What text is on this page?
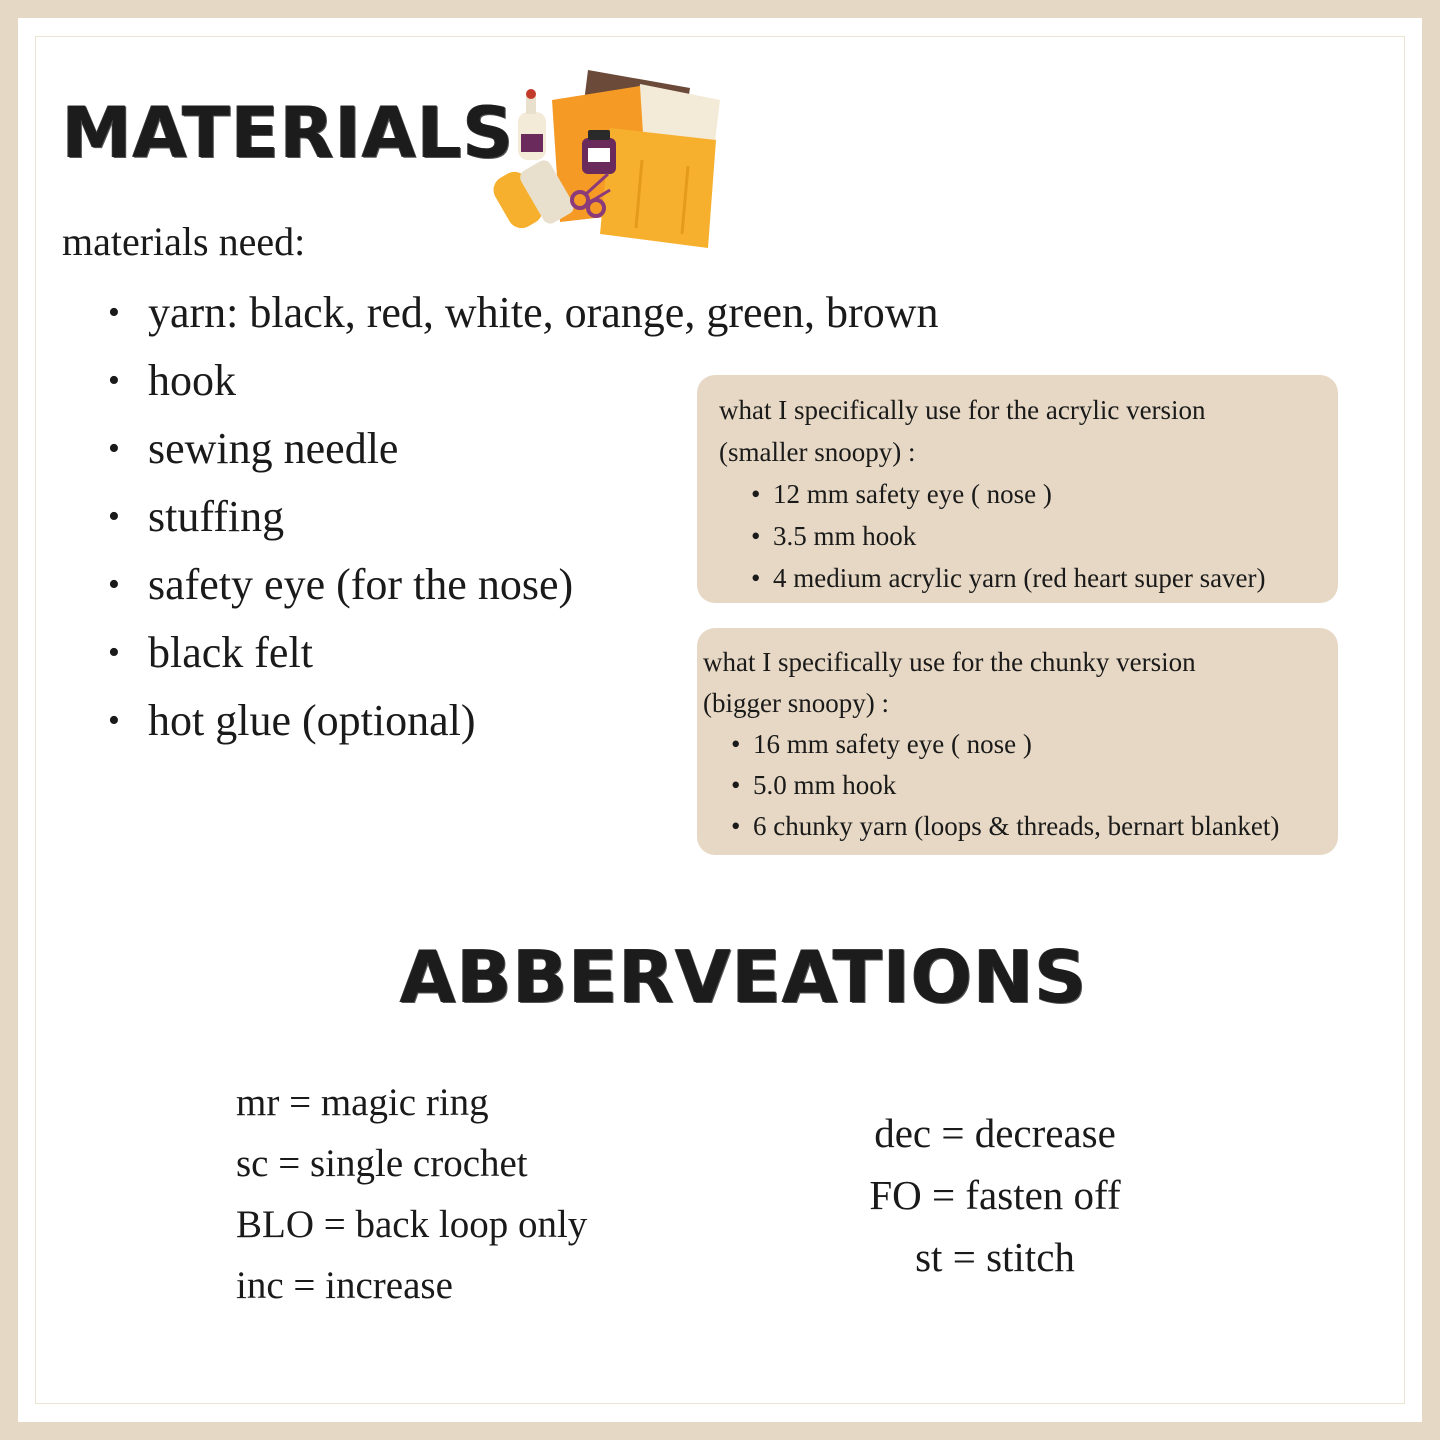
MATERIALS
materials need:
• yarn: black, red, white, orange, green, brown
• hook
• sewing needle
• stuffing
• safety eye (for the nose)
• black felt
• hot glue (optional)

what I specifically use for the acrylic version

(smaller snoopy) :

• 12 mm safety eye ( nose )
• 3.5 mm hook
• 4 medium acrylic yarn (red heart super saver)

what I specifically use for the chunky version

(bigger snoopy) :

• 16 mm safety eye ( nose )
• 5.0 mm hook
• 6 chunky yarn (loops & threads, bernart blanket)
ABBERVEATIONS
mr = magic ring
sc = single crochet
BLO = back loop only
inc = increase
dec = decrease
FO = fasten off
st = stitch
